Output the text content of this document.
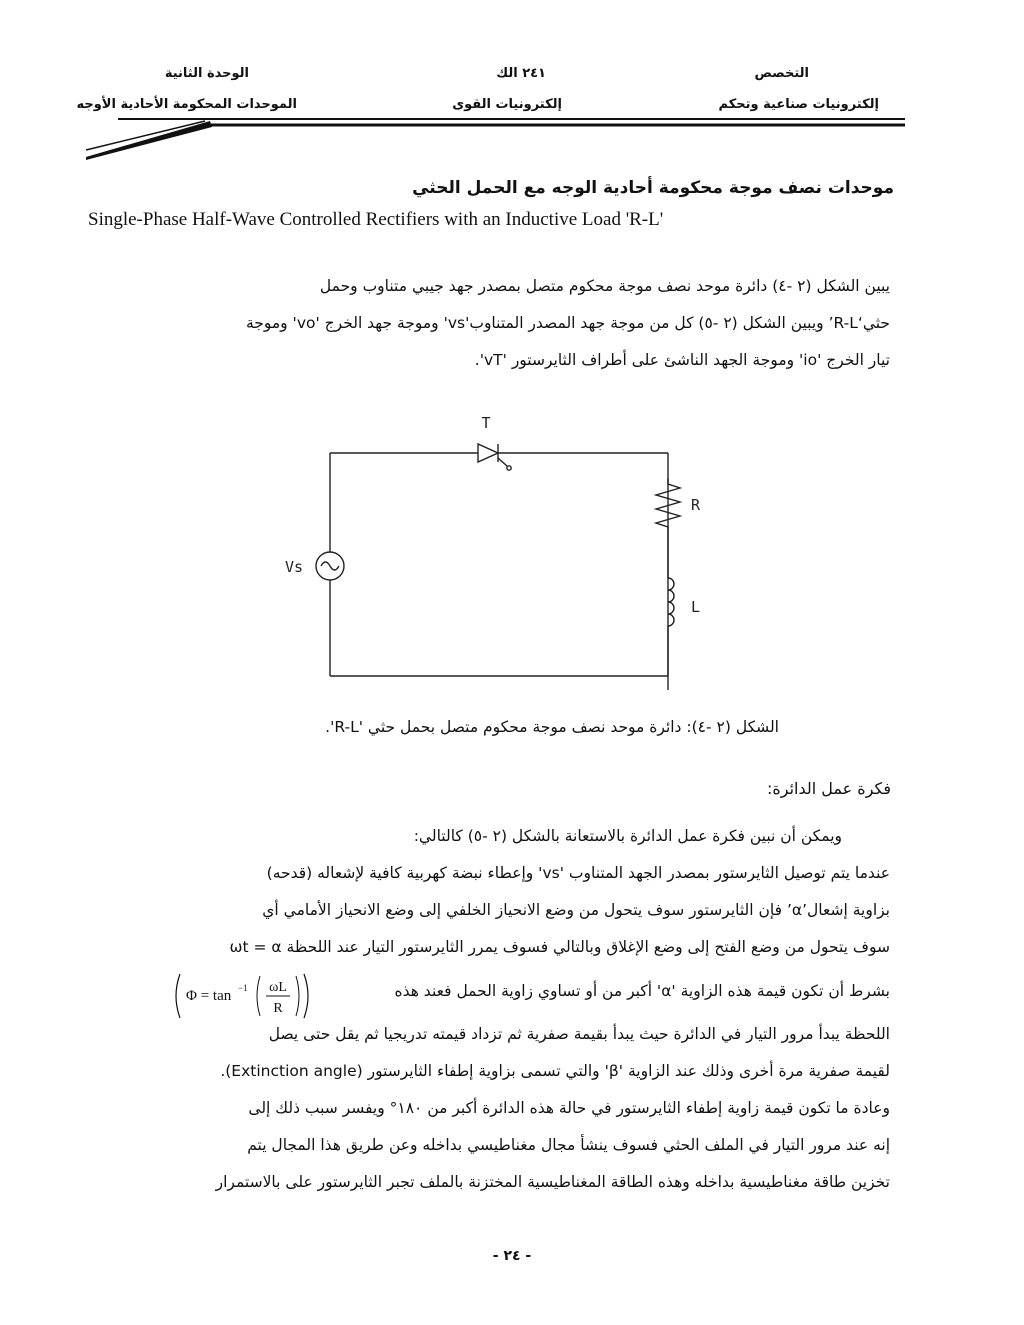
التخصص
إلكترونيات صناعية وتحكم
٢٤١ الك
إلكترونيات القوى
الوحدة الثانية
الموحدات المحكومة الأحادية الأوجه
موحدات نصف موجة محكومة أحادية الوجه مع الحمل الحثي
Single-Phase Half-Wave Controlled Rectifiers with an Inductive Load 'R-L'
يبين الشكل (٢ -٤) دائرة موحد نصف موجة محكوم متصل بمصدر جهد جيبي متناوب وحمل
حثي‘R-L’ ويبين الشكل (٢ -٥) كل من موجة جهد المصدر المتناوب'vs' وموجة جهد الخرج 'vo' وموجة
تيار الخرج 'io' وموجة الجهد الناشئ على أطراف الثايرستور 'vT'.
T
R
L
Vs
الشكل (٢ -٤): دائرة موحد نصف موجة محكوم متصل بحمل حثي 'R-L'.
فكرة عمل الدائرة:
ويمكن أن نبين فكرة عمل الدائرة بالاستعانة بالشكل (٢ -٥) كالتالي:
عندما يتم توصيل الثايرستور بمصدر الجهد المتناوب 'vs' وإعطاء نبضة كهربية كافية لإشعاله (قدحه)
بزاوية إشعال’α’ فإن الثايرستور سوف يتحول من وضع الانحياز الخلفي إلى وضع الانحياز الأمامي أي
سوف يتحول من وضع الفتح إلى وضع الإغلاق وبالتالي فسوف يمرر الثايرستور التيار عند اللحظة ωt = α
بشرط أن تكون قيمة هذه الزاوية 'α' أكبر من أو تساوي زاوية الحمل فعند هذه
اللحظة يبدأ مرور التيار في الدائرة حيث يبدأ بقيمة صفرية ثم تزداد قيمته تدريجيا ثم يقل حتى يصل
لقيمة صفرية مرة أخرى وذلك عند الزاوية 'β' والتي تسمى بزاوية إطفاء الثايرستور (Extinction angle).
وعادة ما تكون قيمة زاوية إطفاء الثايرستور في حالة هذه الدائرة أكبر من ١٨٠° ويفسر سبب ذلك إلى
إنه عند مرور التيار في الملف الحثي فسوف ينشأ مجال مغناطيسي بداخله وعن طريق هذا المجال يتم
تخزين طاقة مغناطيسية بداخله وهذه الطاقة المغناطيسية المختزنة بالملف تجبر الثايرستور على بالاستمرار
Φ = tan −1 ωL
R
- ٢٤ -
